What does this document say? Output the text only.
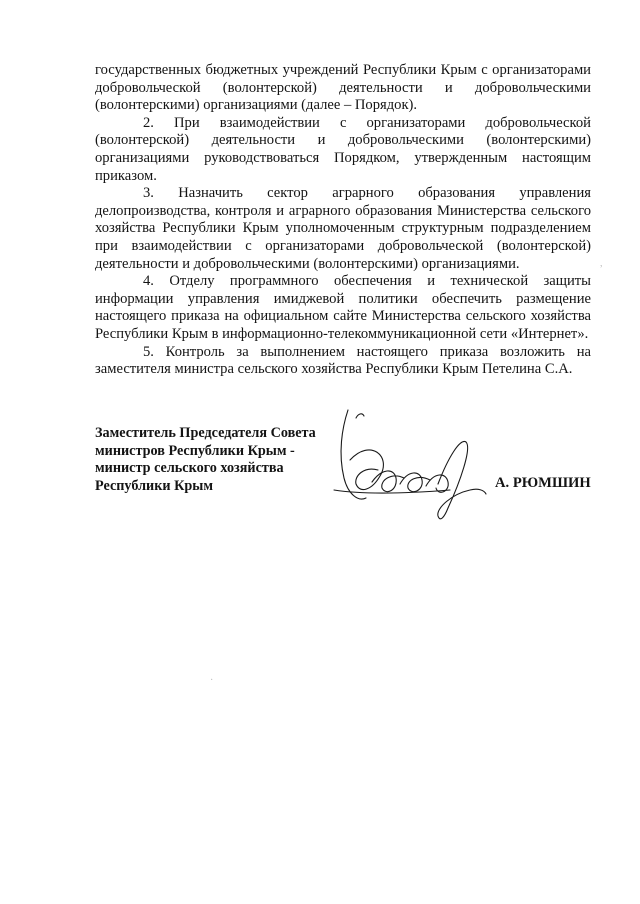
государственных бюджетных учреждений Республики Крым с организаторами добровольческой (волонтерской) деятельности и добровольческими (волонтерскими) организациями (далее – Порядок).

2. При взаимодействии с организаторами добровольческой (волонтерской) деятельности и добровольческими (волонтерскими) организациями руководствоваться Порядком, утвержденным настоящим приказом.

3. Назначить сектор аграрного образования управления делопроизводства, контроля и аграрного образования Министерства сельского хозяйства Республики Крым уполномоченным структурным подразделением при взаимодействии с организаторами добровольческой (волонтерской) деятельности и добровольческими (волонтерскими) организациями.

4. Отделу программного обеспечения и технической защиты информации управления имиджевой политики обеспечить размещение настоящего приказа на официальном сайте Министерства сельского хозяйства Республики Крым в информационно-телекоммуникационной сети «Интернет».

5. Контроль за выполнением настоящего приказа возложить на заместителя министра сельского хозяйства Республики Крым Петелина С.А.

Заместитель Председателя Совета
министров Республики Крым -
министр сельского хозяйства
Республики Крым	А. РЮМШИН
,
·
